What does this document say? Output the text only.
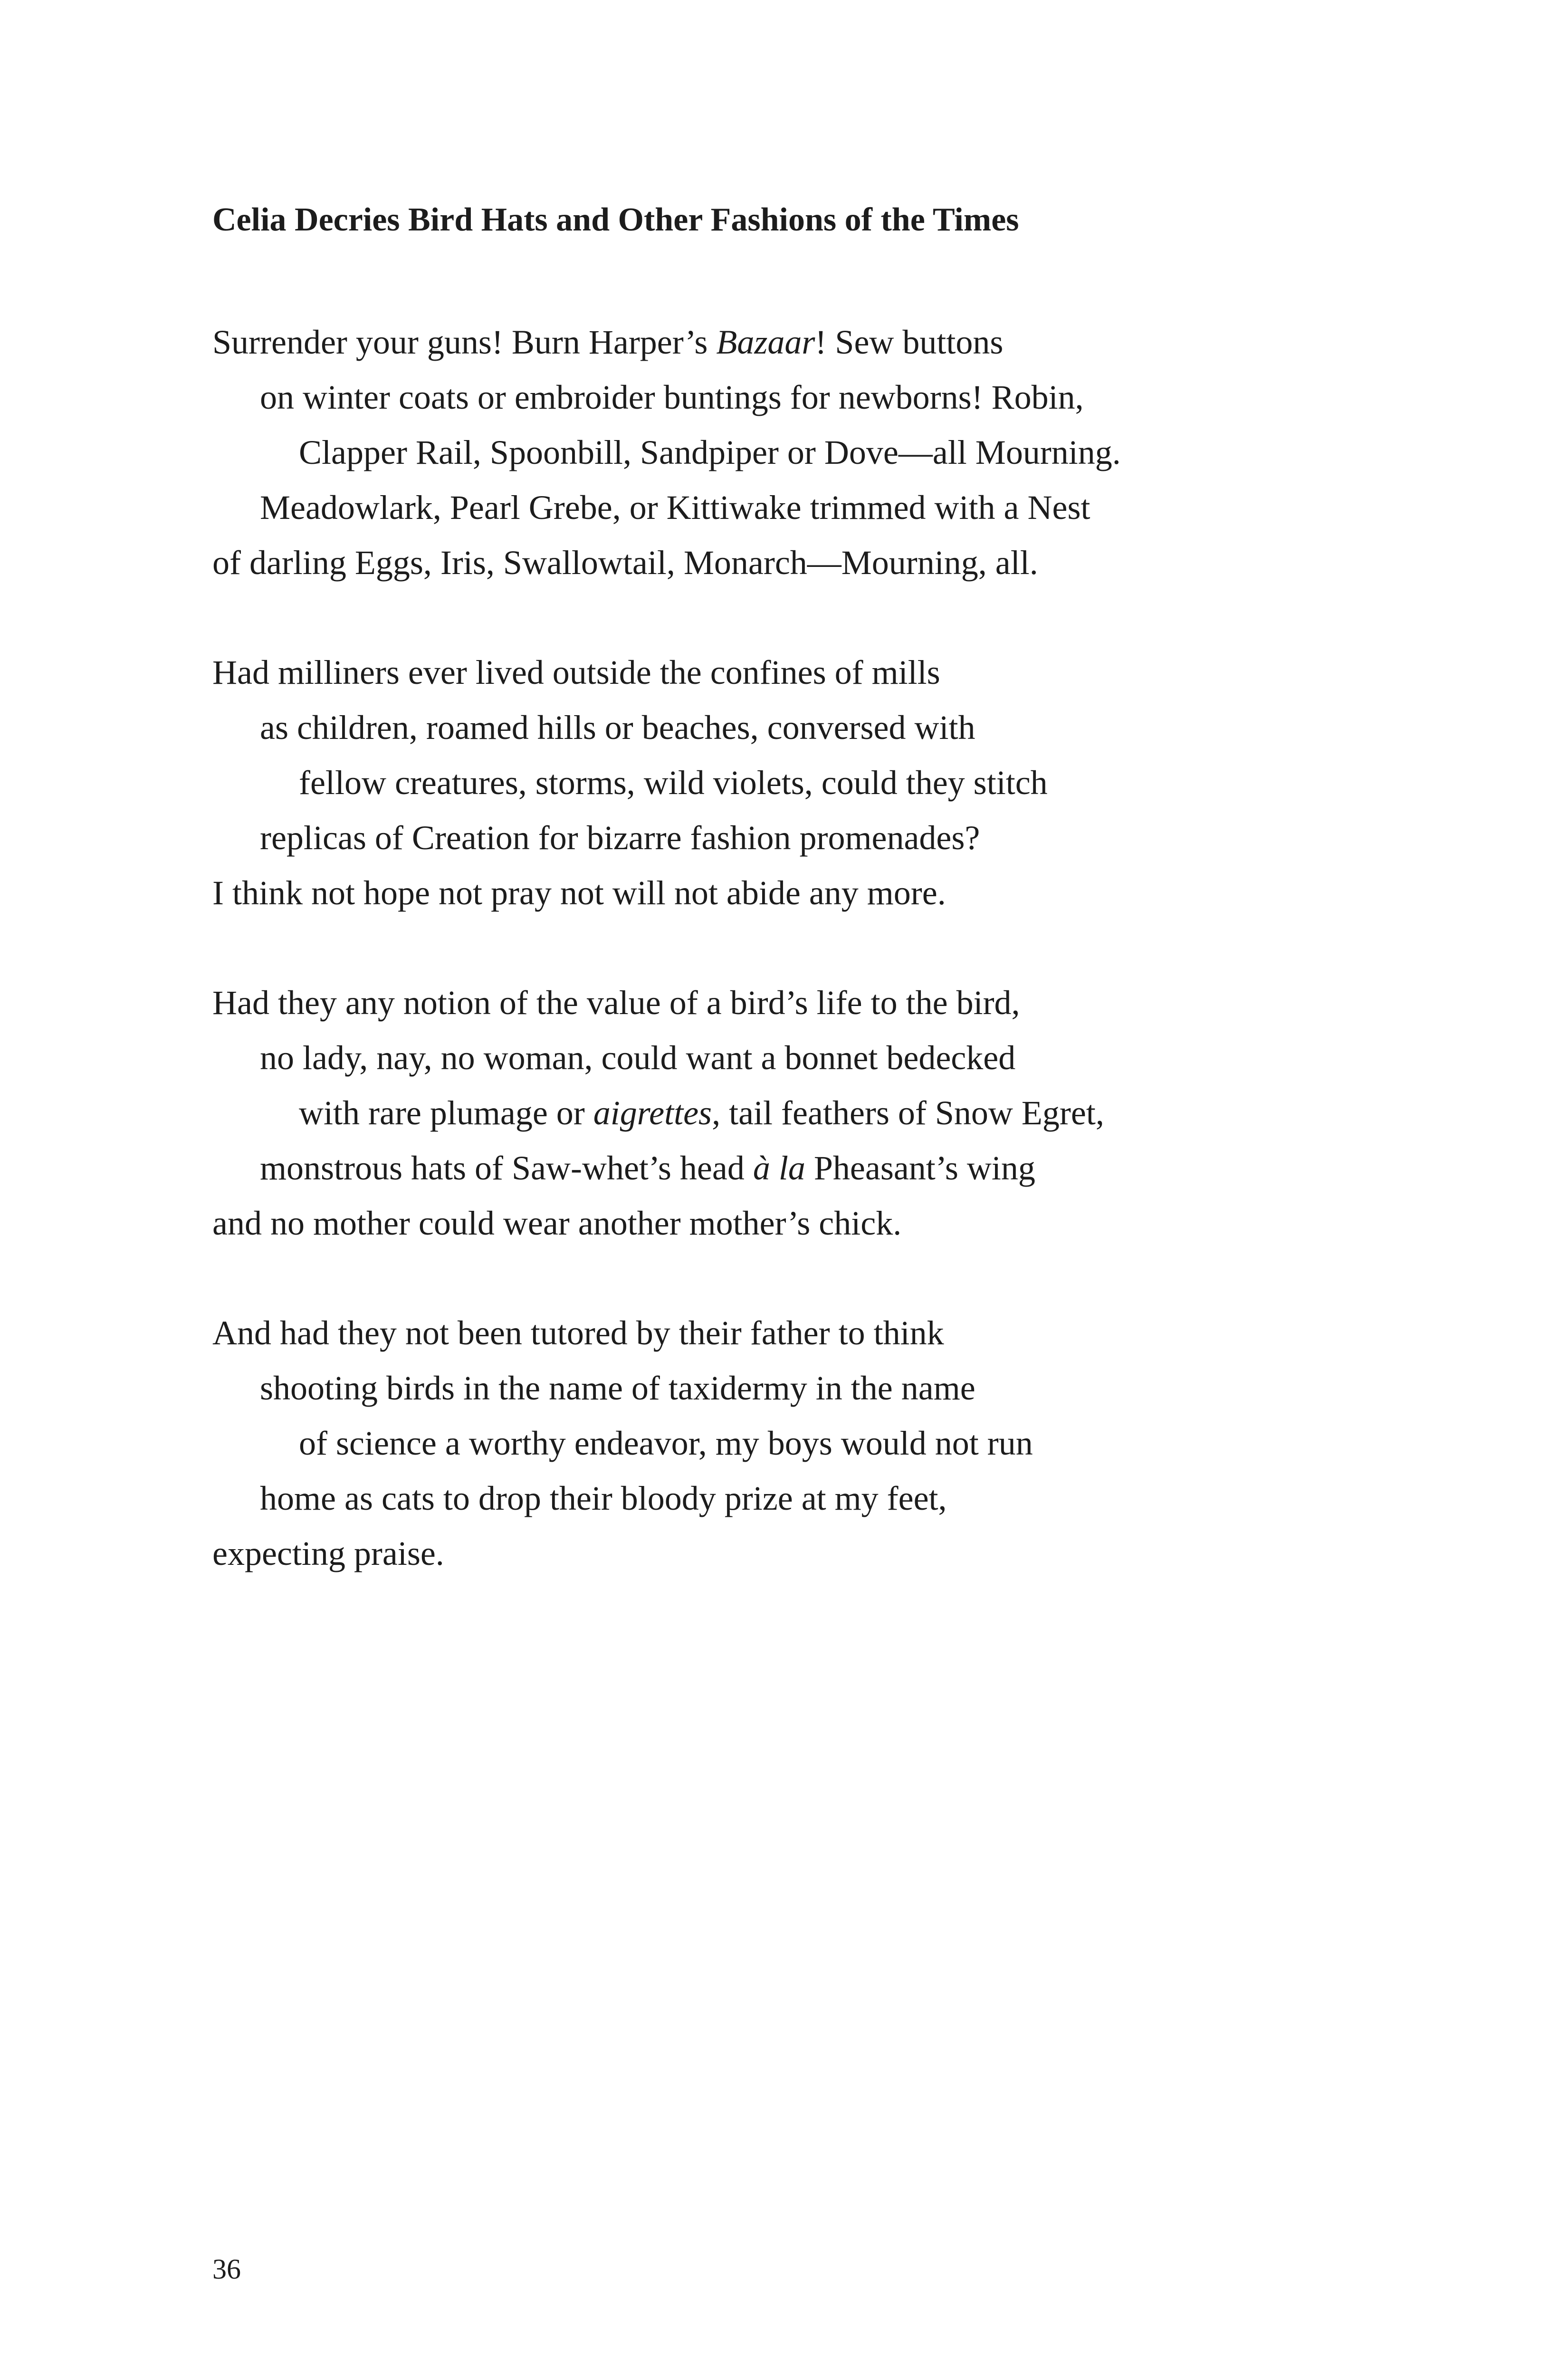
Celia Decries Bird Hats and Other Fashions of the Times
Surrender your guns! Burn Harper’s Bazaar! Sew buttons
on winter coats or embroider buntings for newborns! Robin,
Clapper Rail, Spoonbill, Sandpiper or Dove—all Mourning.
Meadowlark, Pearl Grebe, or Kittiwake trimmed with a Nest
of darling Eggs, Iris, Swallowtail, Monarch—Mourning, all.
Had milliners ever lived outside the confines of mills
as children, roamed hills or beaches, conversed with
fellow creatures, storms, wild violets, could they stitch
replicas of Creation for bizarre fashion promenades?
I think not hope not pray not will not abide any more.
Had they any notion of the value of a bird’s life to the bird,
no lady, nay, no woman, could want a bonnet bedecked
with rare plumage or aigrettes, tail feathers of Snow Egret,
monstrous hats of Saw-whet’s head à la Pheasant’s wing
and no mother could wear another mother’s chick.
And had they not been tutored by their father to think
shooting birds in the name of taxidermy in the name
of science a worthy endeavor, my boys would not run
home as cats to drop their bloody prize at my feet,
expecting praise.
36
